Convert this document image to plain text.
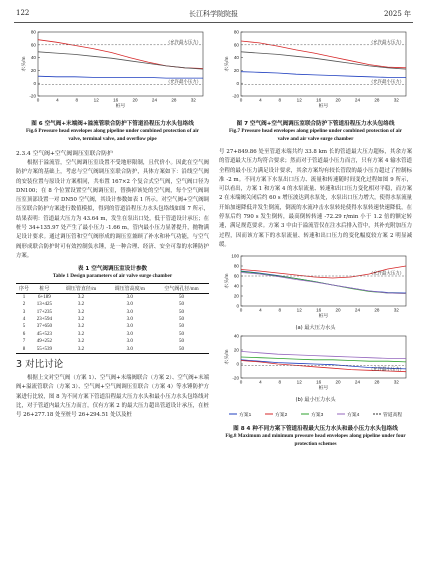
122	长江科学院院报	2025 年
-20
0
20
40
60
80
0	4	8	12	16	20	24	28	32
水头/m
桩号
（允许最大压力）
（允许最小压力）
图 6 空气阀+末端阀+溢流管联合防护下管道沿程压力水头包络线
Fig.6 Pressure head envelopes along pipeline under combined protection of air valve, terminal valve, and overflow pipe
2.3.4 空气阀+空气阀调压室联合防护

根据于溢流管，空气阀调压室设置不受地形限制，且代价小。因此在空气阀防护方案的基础上，考虑与空气阀调压室联合防护，具体方案如下：沿线空气阀的安装位置与原设计方案相同，共布置 167×2 个复合式空气阀，空气阀口径为 DN100；在 8 个位置设置空气阀调压室，替换掉该处的空气阀，每个空气阀调压室顶部设置一对 DN50 空气阀，其设计参数如表 1 所示。对空气阀+空气阀调压室联合防护方案进行数值模拟，得到的管道沿程压力水头包络线如图 7 所示，结果表明：管道最大压力为 43.64 m，发生在泵出口处，低于管道设计承压；在桩号 34+135.97 处产生了最小压力 -1.66 m，管内最小压力显著提升，抛物满足设计要求。通过调压管和空气阀形成的调压室兼顾了补水和补气功能，与空气阀形成联合防护时可有效控制负水锤，是一种合理、经济、安全可靠的水锤防护方案。

表 1 空气阀调压室设计参数
Table 1 Design parameters of air valve surge chamber
序号	桩号	调压管直径/m	调压管高度/m	空气阀孔径/mm
1	6+189	3.2	3.0	50
2	13+425	3.2	3.0	50
3	17+235	3.2	3.0	50
4	23+594	3.2	3.0	50
5	37+650	3.2	3.0	50
6	45+523	3.2	3.0	50
7	49+252	3.2	3.0	50
8	55+539	3.2	3.0	50
3 对比讨论

根据上文对空气阀（方案 1）、空气阀+末端阀联合（方案 2）、空气阀+末端阀+溢流管联合（方案 3）、空气阀+空气阀调压室联合（方案 4）等水锤防护方案进行比较，图 8 为不同方案下管道沿程最大压力水头和最小压力水头包络线对比，对于管道内最大压力而言，仅有方案 2 的最大压力超出管道设计承压，在桩号 26+277.18 处至桩号 26+294.51 处以及桩

-20
0
20
40
60
80
0	4	8	12	16	20	24	28	32
水头/m
桩号
（允许最大压力）
（允许最小压力）
图 7 空气阀+空气阀调压室联合防护下管道沿程压力水头包络线
Fig.7 Pressure head envelopes along pipeline under combined protection of air valve and air valve surge chamber

号 27+849.86 处至管道末端共约 33.8 km 长的管道最大压力超标，其余方案的管道最大压力均符合要求；然而对于管道最小压力而言，只有方案 4 输水管道全程的最小压力满足设计要求，其余方案均有较长管段的最小压力超过了控制标准 -2 m。不同方案下水泵出口压力、流量和转速随时间变化过程如图 9 所示，可以看出，方案 1 和方案 4 的水泵流量、转速和出口压力变化相对平稳，而方案 2 在末端阀关闭后约 60 s 增压波达到水泵处，水泵出口压力增大，使得水泵流量开始加速降低并发生倒流，倒流的水流冲击水泵转轮使得水泵转速快速降低，在停泵后约 790 s 发生倒转，最高倒转转速 -72.29 r/min 小于 1.2 倍的额定转速，满足规范要求。方案 3 中由于溢流管仅在注水后排入管中，其补充附加压力过程，因而该方案下的水泵流量、转速和出口压力的变化幅度较方案 2 明显减缓。

0
20
40
60
80
100
0	4	8	12	16	20	24	28	32
水头/m
桩号
（允许最大压力）
(a) 最大压力水头
-20
0
20
40
0	4	8	12	16	20	24	28	32
水头/m
桩号
（允许最小压力）
(b) 最小压力水头
方案1	方案2	方案3	方案4	管道高程
图 8 4 种不同方案下管道沿程最大压力水头和最小压力水头包络线
Fig.8 Maximum and minimum pressure head envelopes along pipeline under four protection schemes
